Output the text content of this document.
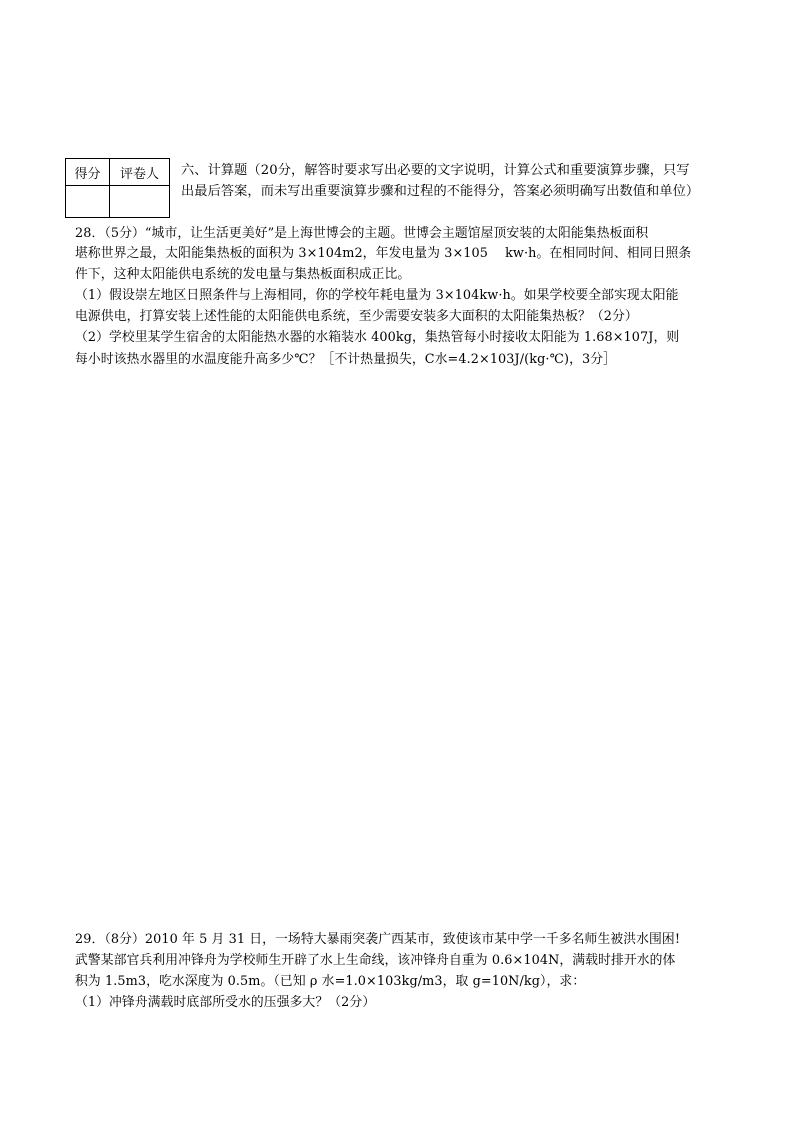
得分	评卷人
	六、计算题（20分，解答时要求写出必要的文字说明，计算公式和重要演算步骤，只写
出最后答案，而未写出重要演算步骤和过程的不能得分，答案必须明确写出数值和单位）
28．（5分）“城市，让生活更美好”是上海世博会的主题。世博会主题馆屋顶安装的太阳能集热板面积
堪称世界之最，太阳能集热板的面积为 3×104m2，年发电量为 3×105　 kw·h。在相同时间、相同日照条
件下，这种太阳能供电系统的发电量与集热板面积成正比。
（1）假设崇左地区日照条件与上海相同，你的学校年耗电量为 3×104kw·h。如果学校要全部实现太阳能
电源供电，打算安装上述性能的太阳能供电系统，至少需要安装多大面积的太阳能集热板？（2分）
（2）学校里某学生宿舍的太阳能热水器的水箱装水 400kg，集热管每小时接收太阳能为 1.68×107J，则
每小时该热水器里的水温度能升高多少℃？［不计热量损失，C水=4.2×103J/(kg·℃)，3分］
29．（8分）2010 年 5 月 31 日，一场特大暴雨突袭广西某市，致使该市某中学一千多名师生被洪水围困!
武警某部官兵利用冲锋舟为学校师生开辟了水上生命线，该冲锋舟自重为 0.6×104N，满载时排开水的体
积为 1.5m3，吃水深度为 0.5m。（已知 ρ 水=1.0×103kg/m3，取 g=10N/kg），求：
（1）冲锋舟满载时底部所受水的压强多大？（2分）
